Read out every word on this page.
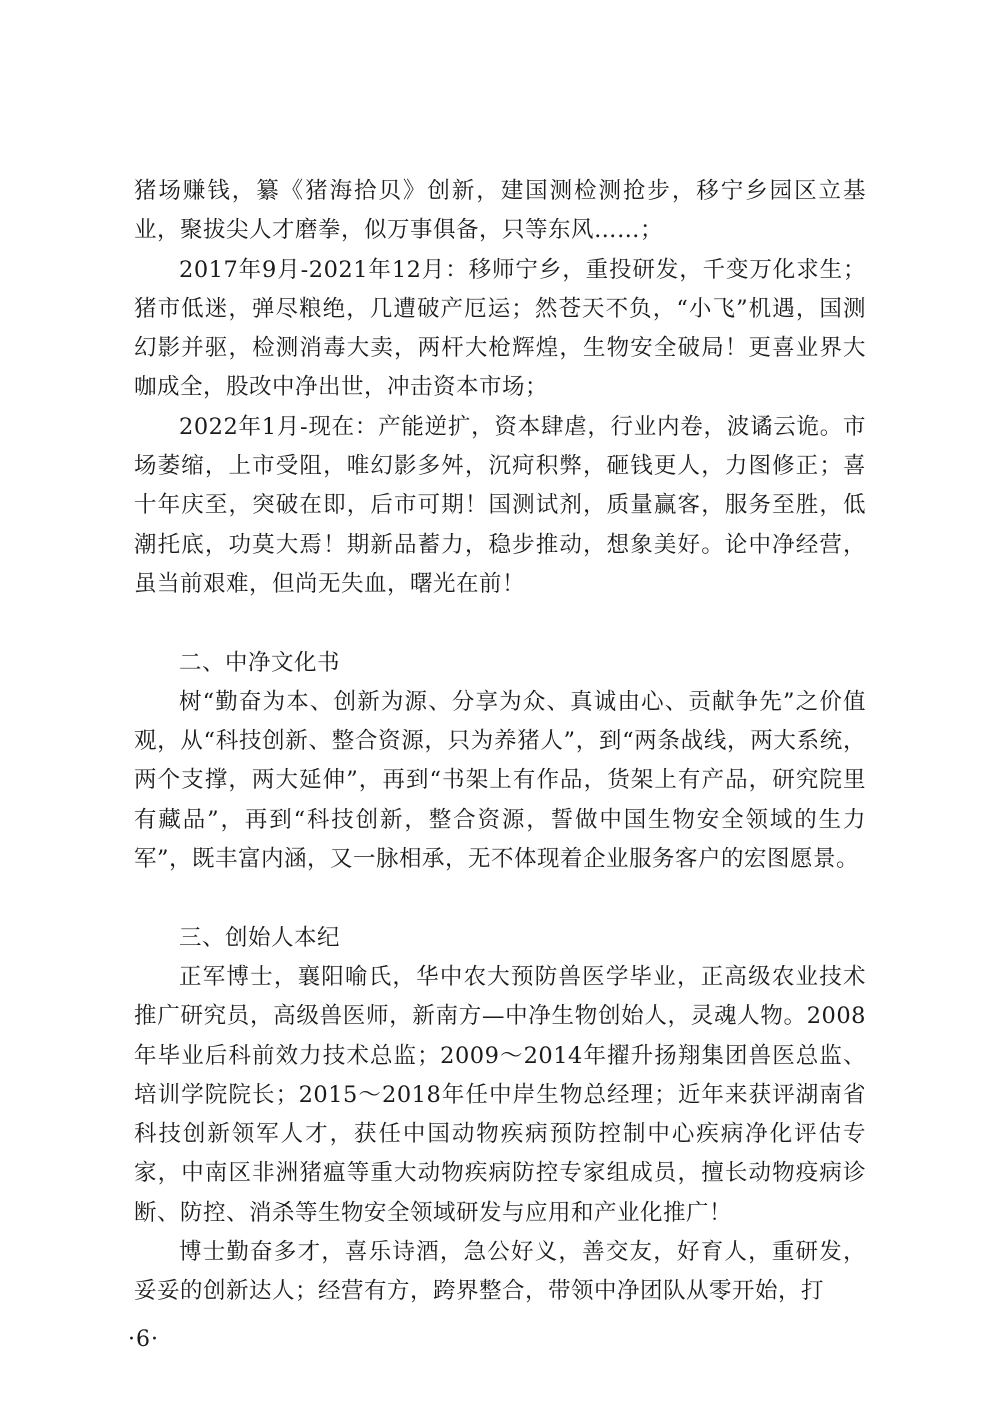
猪场赚钱，纂《猪海拾贝》创新，建国测检测抢步，移宁乡园区立基业，聚拔尖人才磨拳，似万事俱备，只等东风……；

2017年9月-2021年12月：移师宁乡，重投研发，千变万化求生；猪市低迷，弹尽粮绝，几遭破产厄运；然苍天不负，“小飞”机遇，国测幻影并驱，检测消毒大卖，两杆大枪辉煌，生物安全破局！更喜业界大咖成全，股改中净出世，冲击资本市场；

2022年1月-现在：产能逆扩，资本肆虐，行业内卷，波谲云诡。市场萎缩，上市受阻，唯幻影多舛，沉疴积弊，砸钱更人，力图修正；喜十年庆至，突破在即，后市可期！国测试剂，质量赢客，服务至胜，低潮托底，功莫大焉！期新品蓄力，稳步推动，想象美好。论中净经营，虽当前艰难，但尚无失血，曙光在前！

二、中净文化书

树“勤奋为本、创新为源、分享为众、真诚由心、贡献争先”之价值观，从“科技创新、整合资源，只为养猪人”，到“两条战线，两大系统，两个支撑，两大延伸”，再到“书架上有作品，货架上有产品，研究院里有藏品”，再到“科技创新，整合资源，誓做中国生物安全领域的生力军”，既丰富内涵，又一脉相承，无不体现着企业服务客户的宏图愿景。

三、创始人本纪

正军博士，襄阳喻氏，华中农大预防兽医学毕业，正高级农业技术推广研究员，高级兽医师，新南方—中净生物创始人，灵魂人物。2008年毕业后科前效力技术总监；2009～2014年擢升扬翔集团兽医总监、培训学院院长；2015～2018年任中岸生物总经理；近年来获评湖南省科技创新领军人才，获任中国动物疾病预防控制中心疾病净化评估专家，中南区非洲猪瘟等重大动物疾病防控专家组成员，擅长动物疫病诊断、防控、消杀等生物安全领域研发与应用和产业化推广！

博士勤奋多才，喜乐诗酒，急公好义，善交友，好育人，重研发，妥妥的创新达人；经营有方，跨界整合，带领中净团队从零开始，打

·6·
